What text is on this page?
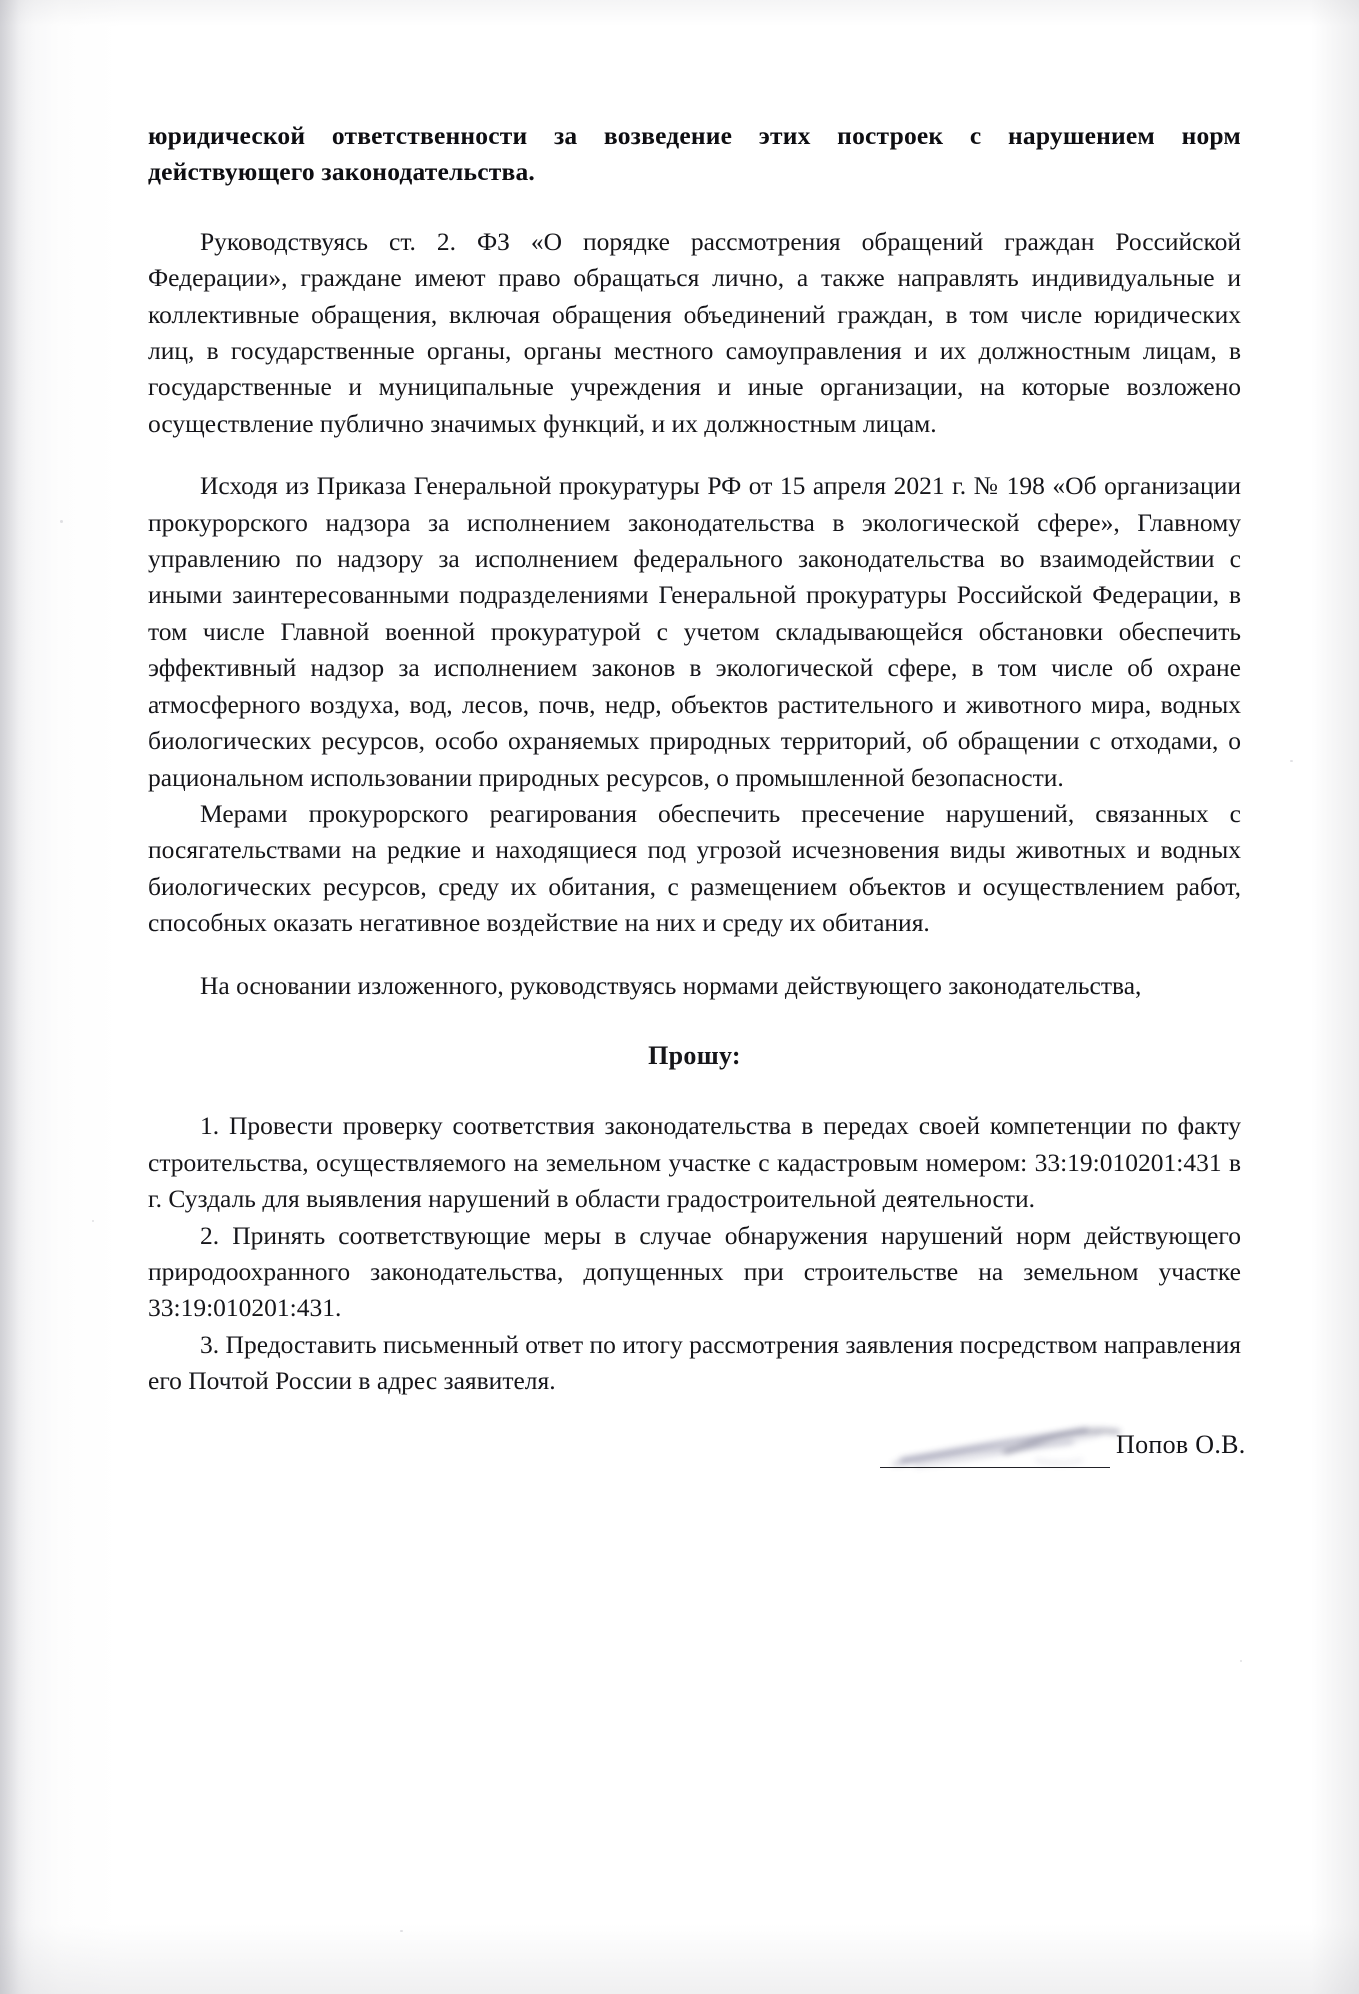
юридической ответственности за возведение этих построек с нарушением норм
действующего законодательства.

Руководствуясь ст. 2. ФЗ «О порядке рассмотрения обращений граждан Российской Федерации», граждане имеют право обращаться лично, а также направлять индивидуальные и коллективные обращения, включая обращения объединений граждан, в том числе юридических лиц, в государственные органы, органы местного самоуправления и их должностным лицам, в государственные и муниципальные учреждения и иные организации, на которые возложено осуществление публично значимых функций, и их должностным лицам.

Исходя из Приказа Генеральной прокуратуры РФ от 15 апреля 2021 г. № 198 «Об организации прокурорского надзора за исполнением законодательства в экологической сфере», Главному управлению по надзору за исполнением федерального законодательства во взаимодействии с иными заинтересованными подразделениями Генеральной прокуратуры Российской Федерации, в том числе Главной военной прокуратурой с учетом складывающейся обстановки обеспечить эффективный надзор за исполнением законов в экологической сфере, в том числе об охране атмосферного воздуха, вод, лесов, почв, недр, объектов растительного и животного мира, водных биологических ресурсов, особо охраняемых природных территорий, об обращении с отходами, о рациональном использовании природных ресурсов, о промышленной безопасности.

Мерами прокурорского реагирования обеспечить пресечение нарушений, связанных с посягательствами на редкие и находящиеся под угрозой исчезновения виды животных и водных биологических ресурсов, среду их обитания, с размещением объектов и осуществлением работ, способных оказать негативное воздействие на них и среду их обитания.

На основании изложенного, руководствуясь нормами действующего законодательства,

Прошу:

1. Провести проверку соответствия законодательства в передах своей компетенции по факту строительства, осуществляемого на земельном участке с кадастровым номером: 33:19:010201:431 в г. Суздаль для выявления нарушений в области градостроительной деятельности.

2. Принять соответствующие меры в случае обнаружения нарушений норм действующего природоохранного законодательства, допущенных при строительстве на земельном участке 33:19:010201:431.

3. Предоставить письменный ответ по итогу рассмотрения заявления посредством направления его Почтой России в адрес заявителя.

Попов О.В.
